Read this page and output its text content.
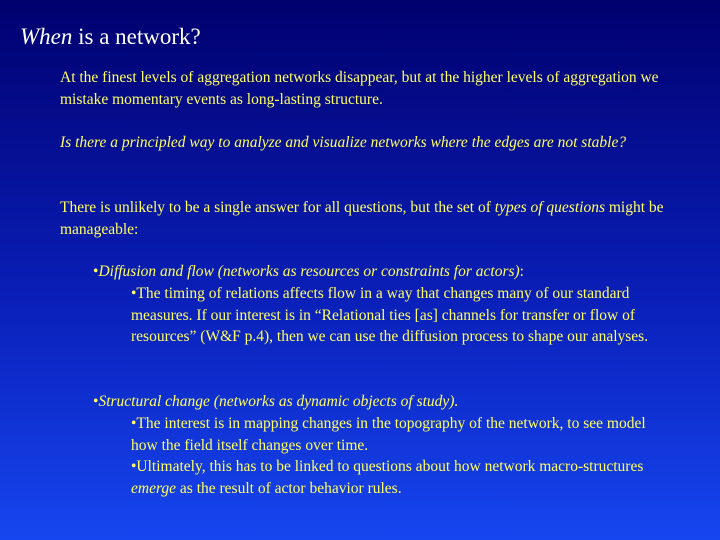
When is a network?
At the finest levels of aggregation networks disappear, but at the higher levels of aggregation we mistake momentary events as long-lasting structure.
Is there a principled way to analyze and visualize networks where the edges are not stable?
There is unlikely to be a single answer for all questions, but the set of types of questions might be manageable:
•Diffusion and flow (networks as resources or constraints for actors):
•The timing of relations affects flow in a way that changes many of our standard measures. If our interest is in “Relational ties [as] channels for transfer or flow of resources” (W&F p.4), then we can use the diffusion process to shape our analyses.
•Structural change (networks as dynamic objects of study).
•The interest is in mapping changes in the topography of the network, to see model how the field itself changes over time.
•Ultimately, this has to be linked to questions about how network macro-structures emerge as the result of actor behavior rules.
